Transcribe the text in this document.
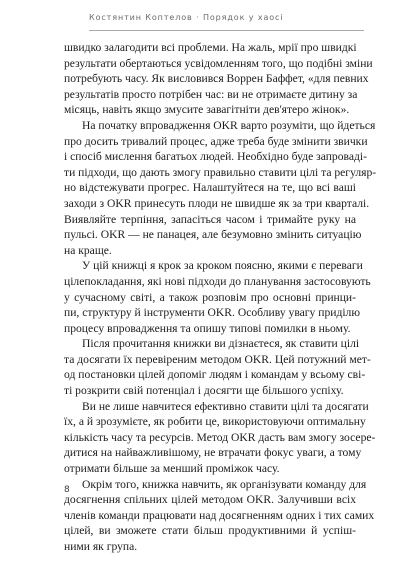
Костянтин Коптелов · Порядок у хаосі

швидко залагодити всі проблеми. На жаль, мрії про швидкі
результати обертаються усвідомленням того, що подібні зміни
потребують часу. Як висловився Воррен Баффет, «для певних
результатів просто потрібен час: ви не отримаєте дитину за
місяць, навіть якщо змусите завагітніти дев'ятеро жінок».

На початку впровадження OKR варто розуміти, що йдеться
про досить тривалий процес, адже треба буде змінити звички
і спосіб мислення багатьох людей. Необхідно буде запроваді-
ти підходи, що дають змогу правильно ставити цілі та регуляр-
но відстежувати прогрес. Налаштуйтеся на те, що всі ваші
заходи з OKR принесуть плоди не швидше як за три кварталі.
Виявляйте терпіння, запасіться часом і тримайте руку на
пульсі. OKR — не панацея, але безумовно змінить ситуацію
на краще.

У цій книжці я крок за кроком поясню, якими є переваги
цілепокладання, які нові підходи до планування застосовують
у сучасному світі, а також розповім про основні принци-
пи, структуру й інструменти OKR. Особливу увагу приділю
процесу впровадження та опишу типові помилки в ньому.

Після прочитання книжки ви дізнаєтеся, як ставити цілі
та досягати їх перевіреним методом OKR. Цей потужний мет-
од постановки цілей допоміг людям і командам у всьому сві-
ті розкрити свій потенціал і досягти ще більшого успіху.

Ви не лише навчитеся ефективно ставити цілі та досягати
їх, а й зрозумієте, як робити це, використовуючи оптимальну
кількість часу та ресурсів. Метод OKR дасть вам змогу зосере-
дитися на найважливішому, не втрачати фокус уваги, а тому
отримати більше за менший проміжок часу.

Окрім того, книжка навчить, як організувати команду для
досягнення спільних цілей методом OKR. Залучивши всіх
членів команди працювати над досягненням одних і тих самих
цілей, ви зможете стати більш продуктивними й успіш-
ними як група.

8
